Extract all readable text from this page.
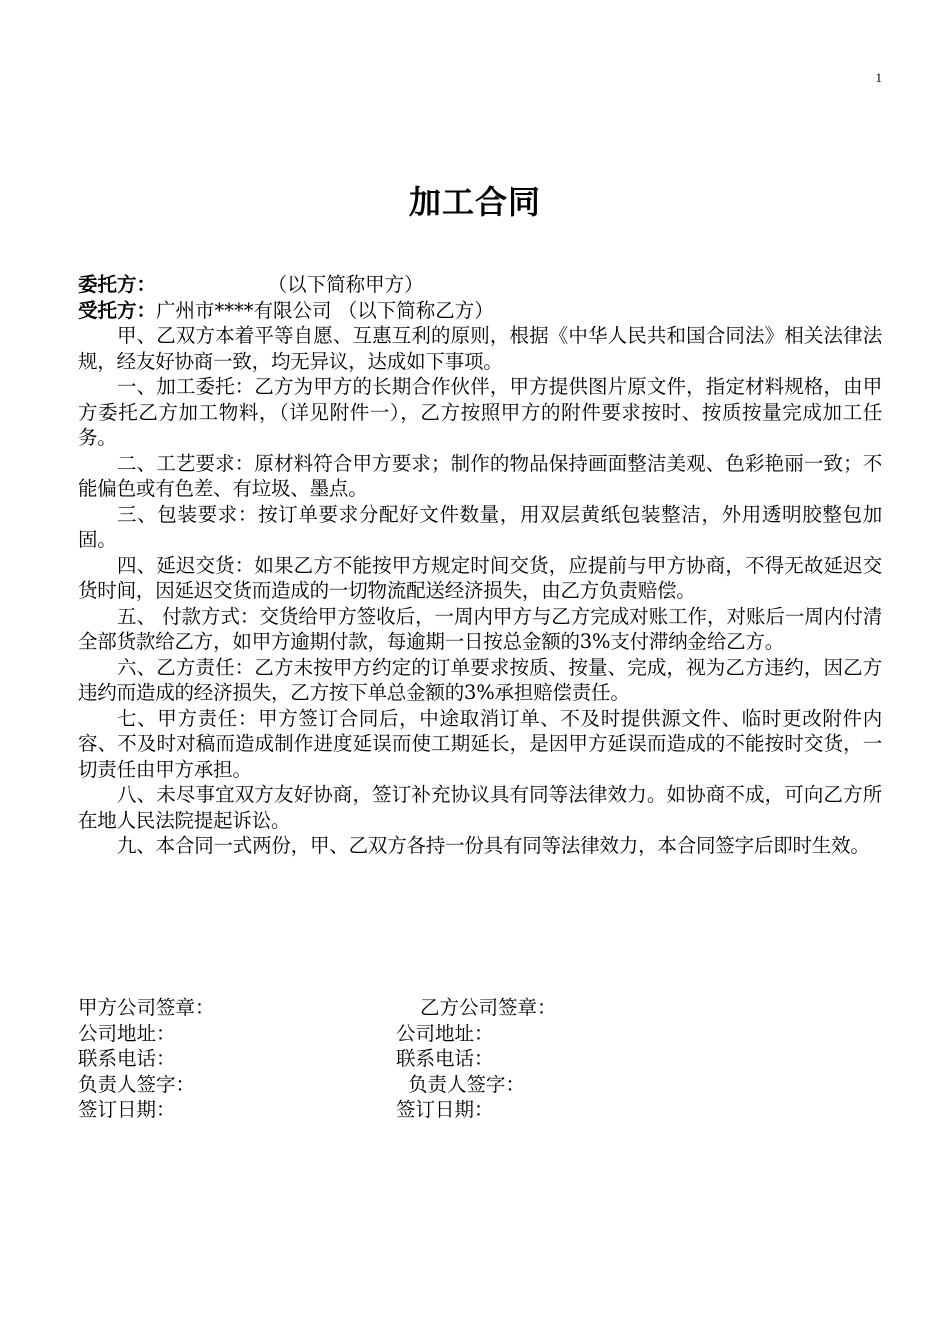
1
加工合同
委托方：                  （以下简称甲方）
受托方：广州市****有限公司 （以下简称乙方）
甲、乙双方本着平等自愿、互惠互利的原则，根据《中华人民共和国合同法》相关法律法规，经友好协商一致，均无异议，达成如下事项。
一、加工委托：乙方为甲方的长期合作伙伴，甲方提供图片原文件，指定材料规格，由甲方委托乙方加工物料，（详见附件一），乙方按照甲方的附件要求按时、按质按量完成加工任务。
二、工艺要求：原材料符合甲方要求；制作的物品保持画面整洁美观、色彩艳丽一致；不能偏色或有色差、有垃圾、墨点。
三、包装要求：按订单要求分配好文件数量，用双层黄纸包装整洁，外用透明胶整包加固。
四、延迟交货：如果乙方不能按甲方规定时间交货，应提前与甲方协商，不得无故延迟交货时间，因延迟交货而造成的一切物流配送经济损失，由乙方负责赔偿。
五、 付款方式：交货给甲方签收后，一周内甲方与乙方完成对账工作，对账后一周内付清全部货款给乙方，如甲方逾期付款，每逾期一日按总金额的3%支付滞纳金给乙方。
六、乙方责任：乙方未按甲方约定的订单要求按质、按量、完成，视为乙方违约，因乙方违约而造成的经济损失，乙方按下单总金额的3%承担赔偿责任。
七、甲方责任：甲方签订合同后，中途取消订单、不及时提供源文件、临时更改附件内容、不及时对稿而造成制作进度延误而使工期延长，是因甲方延误而造成的不能按时交货，一切责任由甲方承担。
八、未尽事宜双方友好协商，签订补充协议具有同等法律效力。如协商不成，可向乙方所在地人民法院提起诉讼。
九、本合同一式两份，甲、乙双方各持一份具有同等法律效力，本合同签字后即时生效。
甲方公司签章：	乙方公司签章：
公司地址：	公司地址：
联系电话：	联系电话：
负责人签字：	负责人签字：
签订日期：	签订日期：
